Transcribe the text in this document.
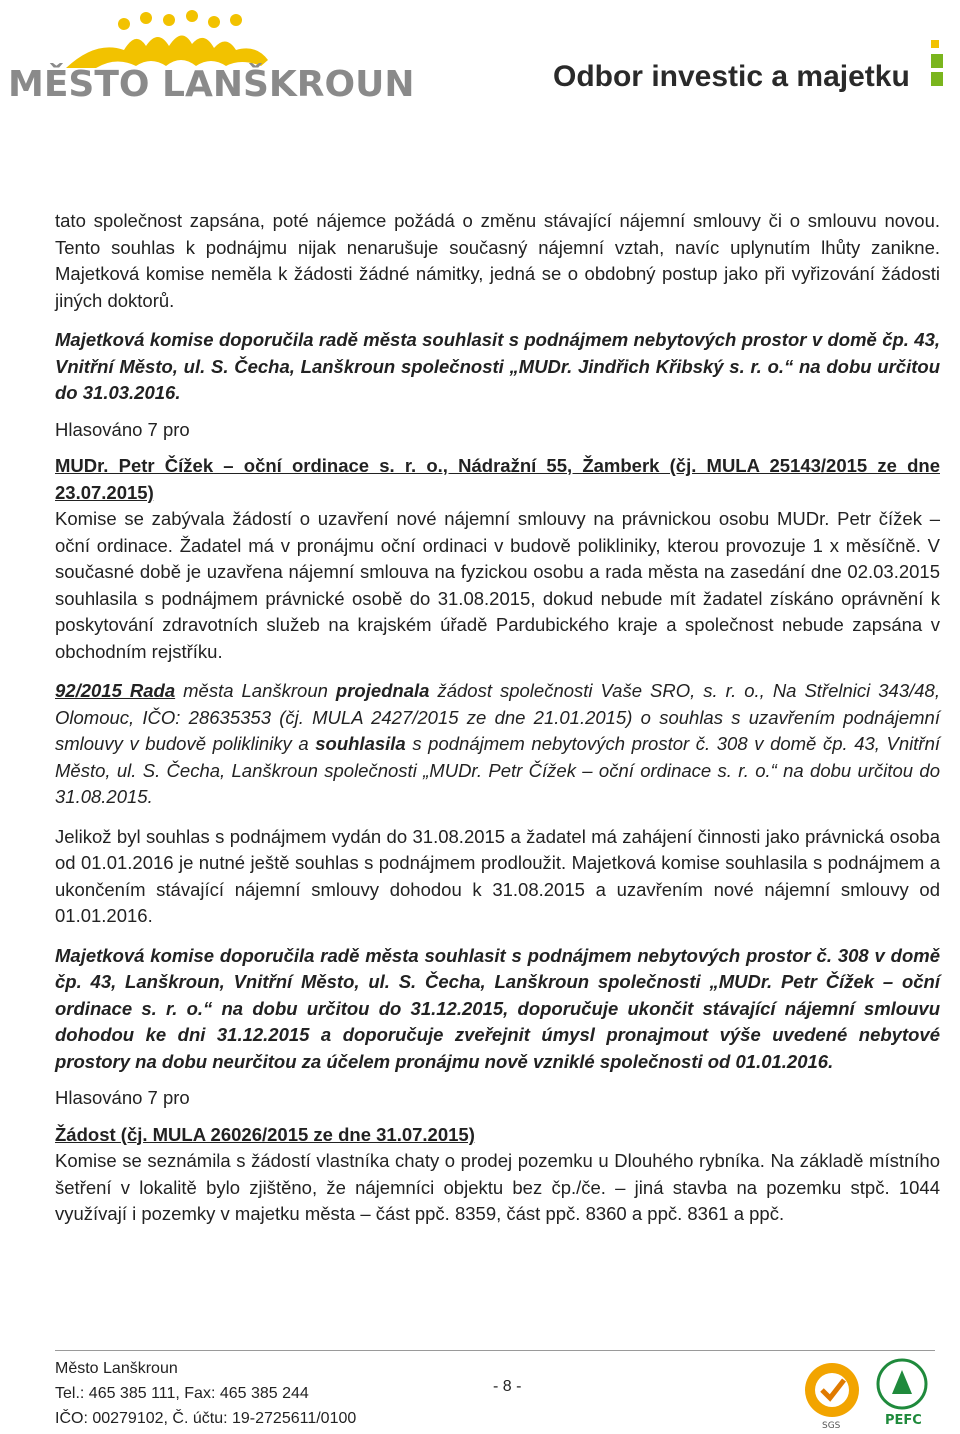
MĚSTO LANŠKROUN	Odbor investic a majetku

tato společnost zapsána, poté nájemce požádá o změnu stávající nájemní smlouvy či o smlouvu novou. Tento souhlas k podnájmu nijak nenarušuje současný nájemní vztah, navíc uplynutím lhůty zanikne. Majetková komise neměla k žádosti žádné námitky, jedná se o obdobný postup jako při vyřizování žádosti jiných doktorů.

Majetková komise doporučila radě města souhlasit s podnájmem nebytových prostor v domě čp. 43, Vnitřní Město, ul. S. Čecha, Lanškroun společnosti „MUDr. Jindřich Křibský s. r. o.“ na dobu určitou do 31.03.2016.

Hlasováno 7 pro

MUDr. Petr Čížek – oční ordinace s. r. o., Nádražní 55, Žamberk (čj. MULA 25143/2015 ze dne 23.07.2015)

Komise se zabývala žádostí o uzavření nové nájemní smlouvy na právnickou osobu MUDr. Petr čížek – oční ordinace. Žadatel má v pronájmu oční ordinaci v budově polikliniky, kterou provozuje 1 x měsíčně. V současné době je uzavřena nájemní smlouva na fyzickou osobu a rada města na zasedání dne 02.03.2015 souhlasila s podnájmem právnické osobě do 31.08.2015, dokud nebude mít žadatel získáno oprávnění k poskytování zdravotních služeb na krajském úřadě Pardubického kraje a společnost nebude zapsána v obchodním rejstříku.

92/2015 Rada města Lanškroun projednala žádost společnosti Vaše SRO, s. r. o., Na Střelnici 343/48, Olomouc, IČO: 28635353 (čj. MULA 2427/2015 ze dne 21.01.2015) o souhlas s uzavřením podnájemní smlouvy v budově polikliniky a souhlasila s podnájmem nebytových prostor č. 308 v domě čp. 43, Vnitřní Město, ul. S. Čecha, Lanškroun společnosti „MUDr. Petr Čížek – oční ordinace s. r. o.“ na dobu určitou do 31.08.2015.

Jelikož byl souhlas s podnájmem vydán do 31.08.2015 a žadatel má zahájení činnosti jako právnická osoba od 01.01.2016 je nutné ještě souhlas s podnájmem prodloužit. Majetková komise souhlasila s podnájmem a ukončením stávající nájemní smlouvy dohodou k 31.08.2015 a uzavřením nové nájemní smlouvy od 01.01.2016.

Majetková komise doporučila radě města souhlasit s podnájmem nebytových prostor č. 308 v domě čp. 43, Lanškroun, Vnitřní Město, ul. S. Čecha, Lanškroun společnosti „MUDr. Petr Čížek – oční ordinace s. r. o.“ na dobu určitou do 31.12.2015, doporučuje ukončit stávající nájemní smlouvu dohodou ke dni 31.12.2015 a doporučuje zveřejnit úmysl pronajmout výše uvedené nebytové prostory na dobu neurčitou za účelem pronájmu nově vzniklé společnosti od 01.01.2016.

Hlasováno 7 pro

Žádost (čj. MULA 26026/2015 ze dne 31.07.2015)

Komise se seznámila s žádostí vlastníka chaty o prodej pozemku u Dlouhého rybníka. Na základě místního šetření v lokalitě bylo zjištěno, že nájemníci objektu bez čp./če. – jiná stavba na pozemku stpč. 1044 využívají i pozemky v majetku města – část ppč. 8359, část ppč. 8360 a ppč. 8361 a ppč.

Město Lanškroun
Tel.: 465 385 111, Fax: 465 385 244
IČO: 00279102, Č. účtu: 19-2725611/0100
- 8 -
SGS	PEFC
